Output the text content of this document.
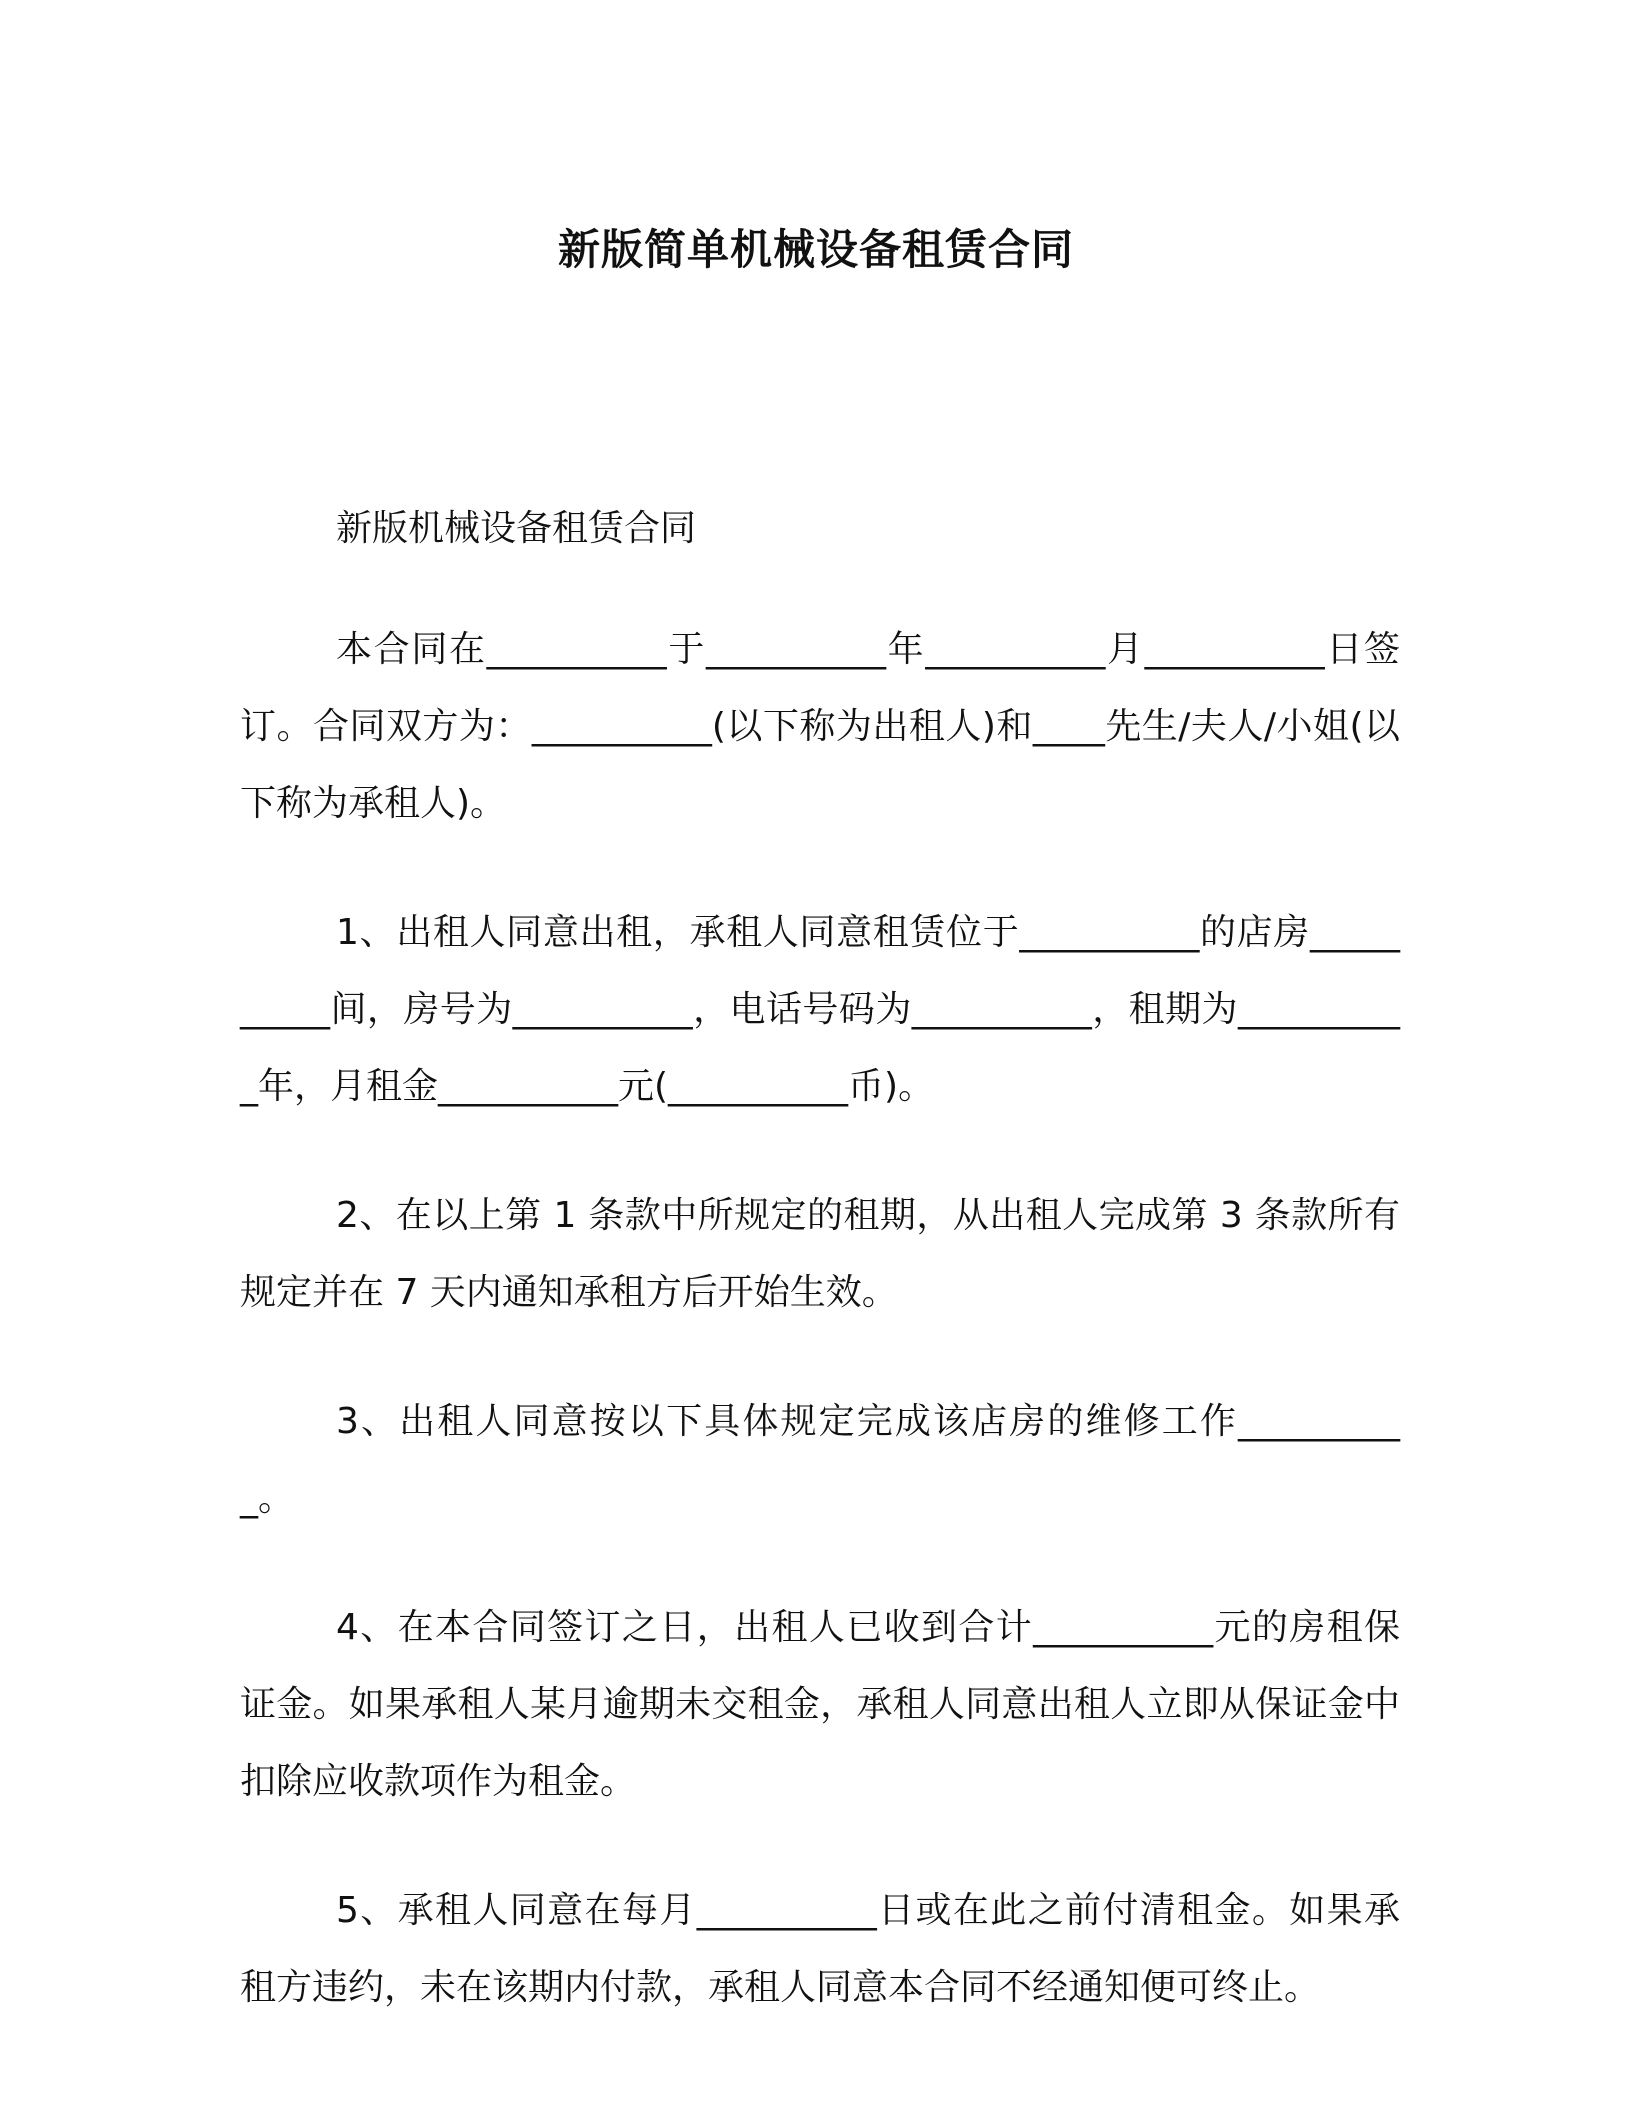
新版简单机械设备租赁合同

新版机械设备租赁合同

本合同在__________于__________年__________月__________日签订。合同双方为：__________(以下称为出租人)和____先生/夫人/小姐(以下称为承租人)。

1、出租人同意出租，承租人同意租赁位于__________的店房__________间，房号为__________，电话号码为__________，租期为__________年，月租金__________元(__________币)。

2、在以上第 1 条款中所规定的租期，从出租人完成第 3 条款所有规定并在 7 天内通知承租方后开始生效。

3、出租人同意按以下具体规定完成该店房的维修工作__________。

4、在本合同签订之日，出租人已收到合计__________元的房租保证金。如果承租人某月逾期未交租金，承租人同意出租人立即从保证金中扣除应收款项作为租金。

5、承租人同意在每月__________日或在此之前付清租金。如果承租方违约，未在该期内付款，承租人同意本合同不经通知便可终止。
